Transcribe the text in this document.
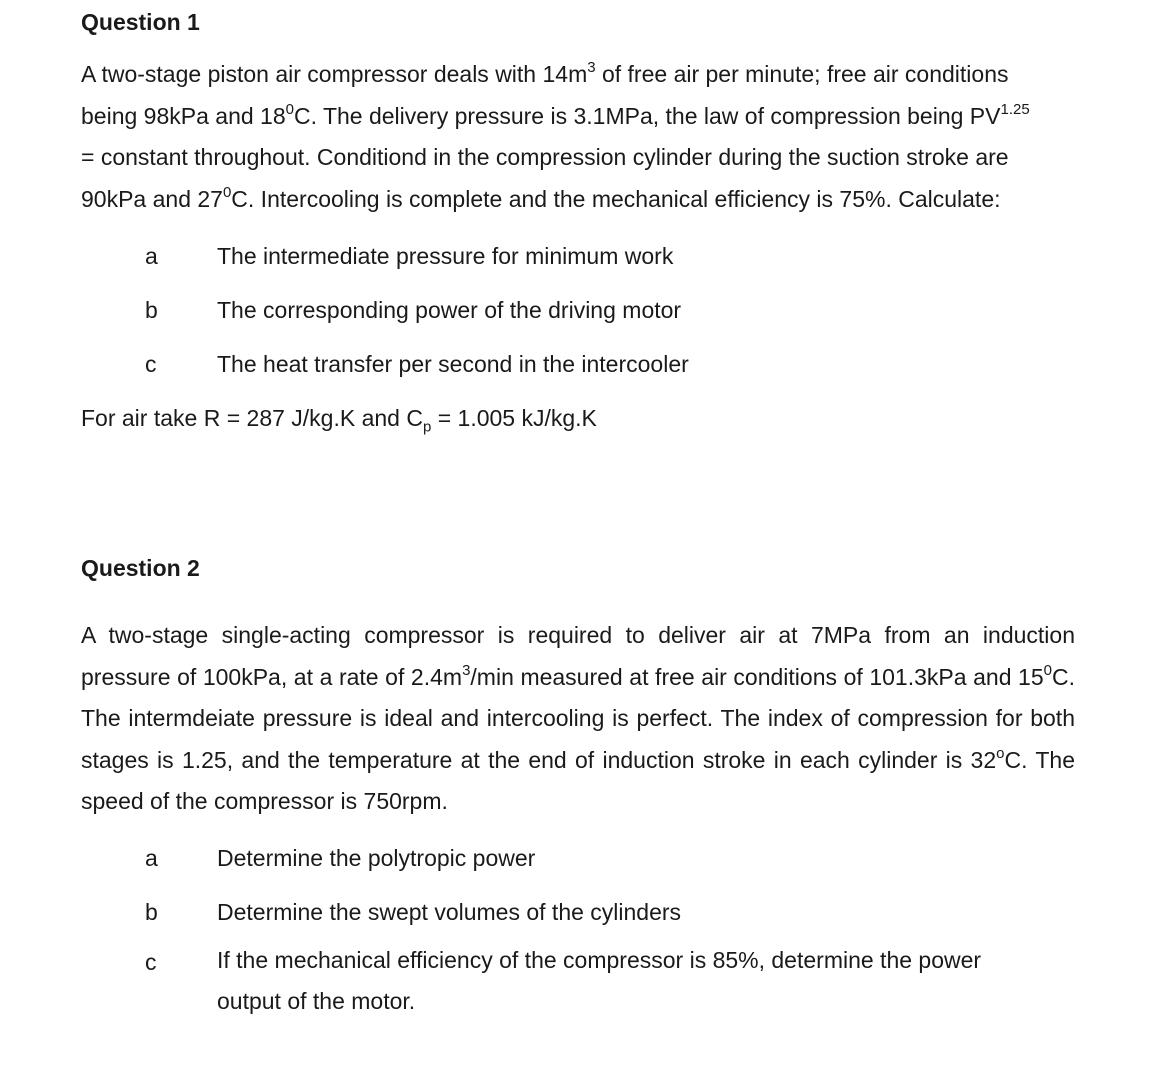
Question 1

A two-stage piston air compressor deals with $14m^3$ of free air per minute; free air conditions
being 98kPa and $18^0C$. The delivery pressure is 3.1MPa, the law of compression being $PV^{1.25}$
= constant throughout. Conditiond in the compression cylinder during the suction stroke are
90kPa and $27^0C$. Intercooling is complete and the mechanical efficiency is 75%. Calculate:

a	The intermediate pressure for minimum work
b	The corresponding power of the driving motor
c	The heat transfer per second in the intercooler
For air take R = 287 J/kg.K and $C_p = 1.005$ kJ/kg.K
Question 2

A two-stage single-acting compressor is required to deliver air at 7MPa from an induction pressure of 100kPa, at a rate of $2.4m^3/\min$ measured at free air conditions of 101.3kPa and $15^0C$. The intermdeiate pressure is ideal and intercooling is perfect. The index of compression for both stages is 1.25, and the temperature at the end of induction stroke in each cylinder is 32$^o$C. The speed of the compressor is 750rpm.

a	Determine the polytropic power
b	Determine the swept volumes of the cylinders
c	If the mechanical efficiency of the compressor is 85%, determine the power output of the motor.
